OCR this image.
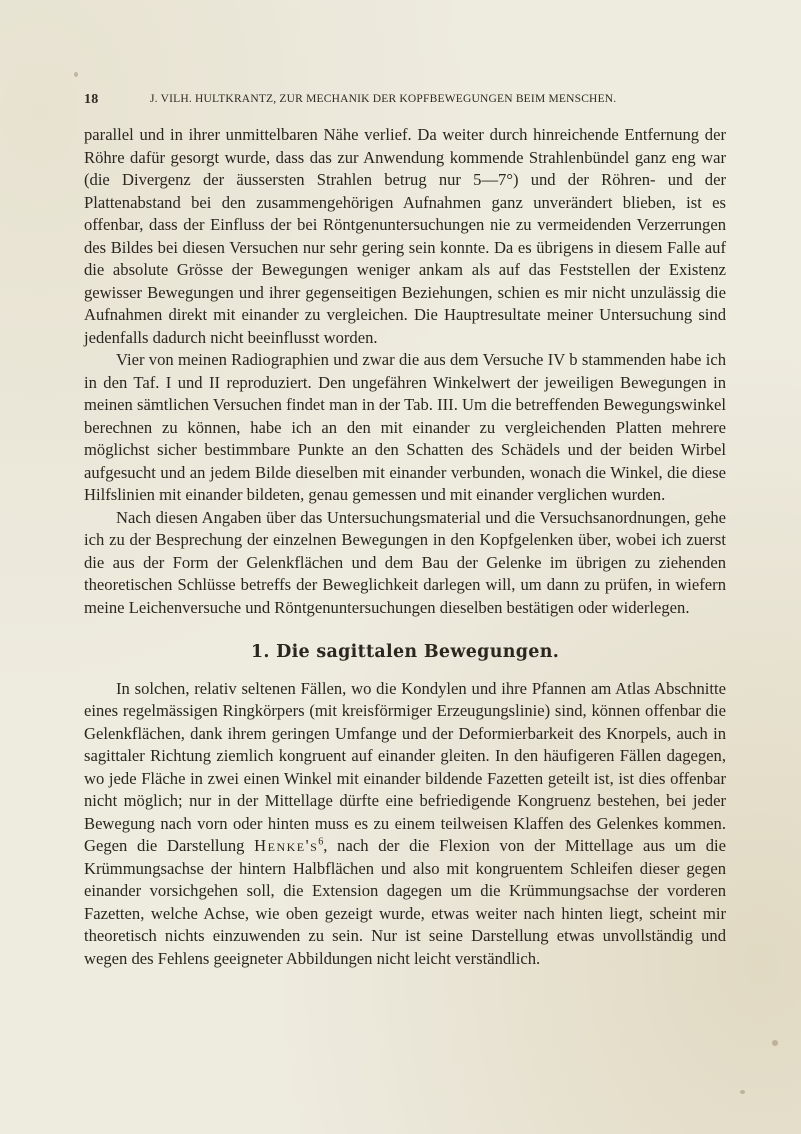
18	J. VILH. HULTKRANTZ, ZUR MECHANIK DER KOPFBEWEGUNGEN BEIM MENSCHEN.

parallel und in ihrer unmittelbaren Nähe verlief. Da weiter durch hinreichende Entfernung der Röhre dafür gesorgt wurde, dass das zur Anwendung kommende Strahlenbündel ganz eng war (die Divergenz der äussersten Strahlen betrug nur 5—7°) und der Röhren- und der Plattenabstand bei den zusammengehörigen Aufnahmen ganz unverändert blieben, ist es offenbar, dass der Einfluss der bei Röntgenuntersuchungen nie zu vermeidenden Verzerrungen des Bildes bei diesen Versuchen nur sehr gering sein konnte. Da es übrigens in diesem Falle auf die absolute Grösse der Bewegungen weniger ankam als auf das Feststellen der Existenz gewisser Bewegungen und ihrer gegenseitigen Beziehungen, schien es mir nicht unzulässig die Aufnahmen direkt mit einander zu vergleichen. Die Hauptresultate meiner Untersuchung sind jedenfalls dadurch nicht beeinflusst worden.

Vier von meinen Radiographien und zwar die aus dem Versuche IV b stammenden habe ich in den Taf. I und II reproduziert. Den ungefähren Winkelwert der jeweiligen Bewegungen in meinen sämtlichen Versuchen findet man in der Tab. III. Um die betreffenden Bewegungswinkel berechnen zu können, habe ich an den mit einander zu vergleichenden Platten mehrere möglichst sicher bestimmbare Punkte an den Schatten des Schädels und der beiden Wirbel aufgesucht und an jedem Bilde dieselben mit einander verbunden, wonach die Winkel, die diese Hilfslinien mit einander bildeten, genau gemessen und mit einander verglichen wurden.

Nach diesen Angaben über das Untersuchungsmaterial und die Versuchsanordnungen, gehe ich zu der Besprechung der einzelnen Bewegungen in den Kopfgelenken über, wobei ich zuerst die aus der Form der Gelenkflächen und dem Bau der Gelenke im übrigen zu ziehenden theoretischen Schlüsse betreffs der Beweglichkeit darlegen will, um dann zu prüfen, in wiefern meine Leichenversuche und Röntgenuntersuchungen dieselben bestätigen oder widerlegen.

1. Die sagittalen Bewegungen.

In solchen, relativ seltenen Fällen, wo die Kondylen und ihre Pfannen am Atlas Abschnitte eines regelmässigen Ringkörpers (mit kreisförmiger Erzeugungslinie) sind, können offenbar die Gelenkflächen, dank ihrem geringen Umfange und der Deformierbarkeit des Knorpels, auch in sagittaler Richtung ziemlich kongruent auf einander gleiten. In den häufigeren Fällen dagegen, wo jede Fläche in zwei einen Winkel mit einander bildende Fazetten geteilt ist, ist dies offenbar nicht möglich; nur in der Mittellage dürfte eine befriedigende Kongruenz bestehen, bei jeder Bewegung nach vorn oder hinten muss es zu einem teilweisen Klaffen des Gelenkes kommen. Gegen die Darstellung $Henke's^6$, nach der die Flexion von der Mittellage aus um die Krümmungsachse der hintern Halbflächen und also mit kongruentem Schleifen dieser gegen einander vorsichgehen soll, die Extension dagegen um die Krümmungsachse der vorderen Fazetten, welche Achse, wie oben gezeigt wurde, etwas weiter nach hinten liegt, scheint mir theoretisch nichts einzuwenden zu sein. Nur ist seine Darstellung etwas unvollständig und wegen des Fehlens geeigneter Abbildungen nicht leicht verständlich.
